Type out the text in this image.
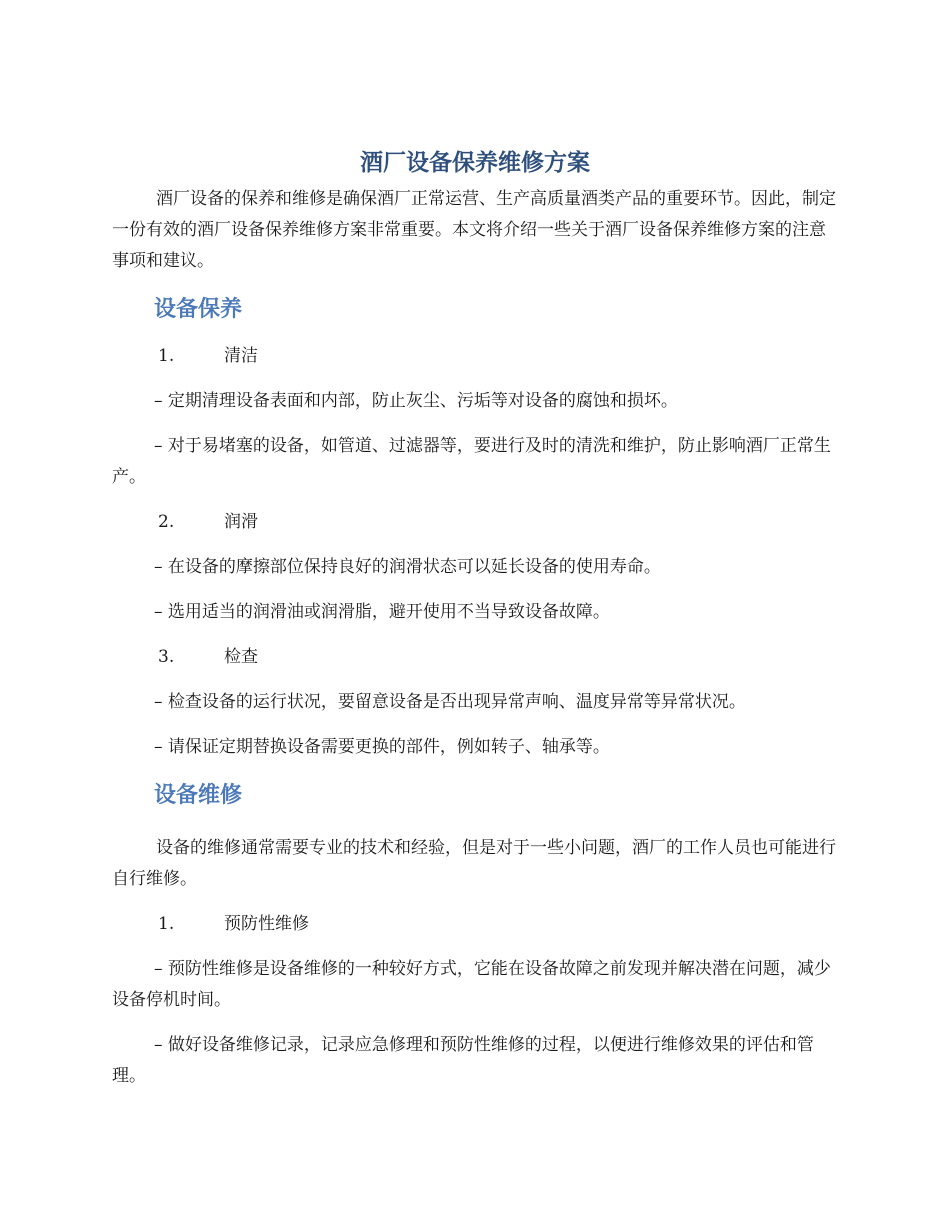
酒厂设备保养维修方案

酒厂设备的保养和维修是确保酒厂正常运营、生产高质量酒类产品的重要环节。因此，制定一份有效的酒厂设备保养维修方案非常重要。本文将介绍一些关于酒厂设备保养维修方案的注意事项和建议。

设备保养
1.	清洁

– 定期清理设备表面和内部，防止灰尘、污垢等对设备的腐蚀和损坏。

– 对于易堵塞的设备，如管道、过滤器等，要进行及时的清洗和维护，防止影响酒厂正常生产。

2.	润滑

– 在设备的摩擦部位保持良好的润滑状态可以延长设备的使用寿命。

– 选用适当的润滑油或润滑脂，避开使用不当导致设备故障。

3.	检查

– 检查设备的运行状况，要留意设备是否出现异常声响、温度异常等异常状况。

– 请保证定期替换设备需要更换的部件，例如转子、轴承等。

设备维修

设备的维修通常需要专业的技术和经验，但是对于一些小问题，酒厂的工作人员也可能进行自行维修。

1.	预防性维修

– 预防性维修是设备维修的一种较好方式，它能在设备故障之前发现并解决潜在问题，减少设备停机时间。

– 做好设备维修记录，记录应急修理和预防性维修的过程，以便进行维修效果的评估和管理。
